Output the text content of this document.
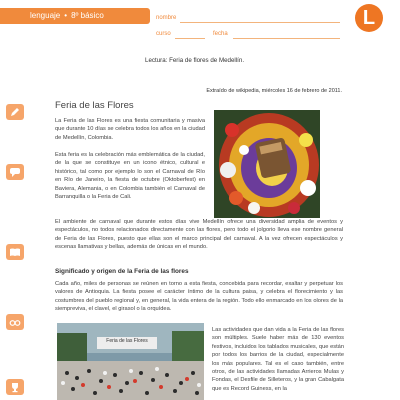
lenguaje • 8º básico	nombre
curso	fecha
L
Lectura: Feria de flores de Medellín.
Extraído de wikipedia, miércoles 16 de febrero de 2011.
Feria de las Flores

La Feria de las Flores es una fiesta comunitaria y masiva que durante 10 días se celebra todos los años en la ciudad de Medellín, Colombia.

Esta feria es la celebración más emblemática de la ciudad, de la que se constituye en un icono étnico, cultural e histórico, tal como por ejemplo lo son el Carnaval de Río en Río de Janeiro, la fiesta de octubre (Oktoberfest) en Baviera, Alemania, o en Colombia también el Carnaval de Barranquilla o la Feria de Cali.

El ambiente de carnaval que durante estos días vive Medellín ofrece una diversidad amplia de eventos y espectáculos, no todos relacionados directamente con las flores, pero todo el jolgorio lleva ese nombre general de Feria de las Flores, puesto que ellas son el marco principal del carnaval. A la vez ofrecen espectáculos y escenas llamativas y bellas, además de únicas en el mundo.

Significado y origen de la Feria de las flores

Cada año, miles de personas se reúnen en torno a esta fiesta, concebida para recordar, exaltar y perpetuar los valores de Antioquia. La fiesta posee el carácter íntimo de la cultura paisa, y celebra el florecimiento y las costumbres del pueblo regional y, en general, la vida entera de la región. Todo ello enmarcado en los olores de la siempreviva, el clavel, el girasol o la orquídea.

Las actividades que dan vida a la Feria de las flores son múltiples. Suele haber más de 130 eventos festivos, incluidos los tablados musicales, que están por todos los barrios de la ciudad, especialmente los más populares. Tal es el caso también, entre otros, de las actividades llamadas Arrieros Mulas y Fondas, el Desfile de Silleteros, y la gran Cabalgata que es Record Guiness, en la

Feria de las Flores
